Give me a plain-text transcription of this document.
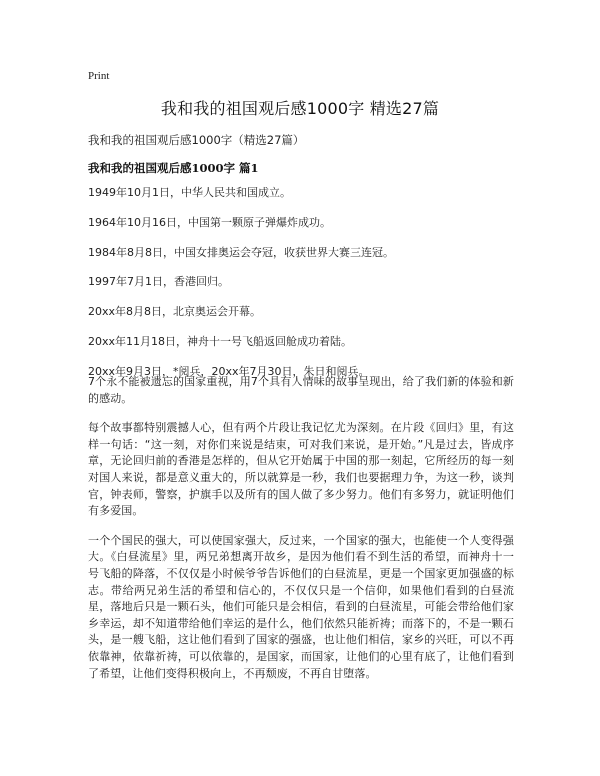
Print
我和我的祖国观后感1000字 精选27篇
我和我的祖国观后感1000字（精选27篇）
我和我的祖国观后感1000字 篇1
1949年10月1日，中华人民共和国成立。
1964年10月16日，中国第一颗原子弹爆炸成功。
1984年8月8日，中国女排奥运会夺冠，收获世界大赛三连冠。
1997年7月1日，香港回归。
20xx年8月8日，北京奥运会开幕。
20xx年11月18日，神舟十一号飞船返回舱成功着陆。
20xx年9月3日，*阅兵，20xx年7月30日，朱日和阅兵。

7个永不能被遗忘的国家重视，用7个具有人情味的故事呈现出，给了我们新的体验和新的感动。

每个故事都特别震撼人心，但有两个片段让我记忆尤为深刻。在片段《回归》里，有这样一句话：“这一刻，对你们来说是结束，可对我们来说，是开始。”凡是过去，皆成序章，无论回归前的香港是怎样的，但从它开始属于中国的那一刻起，它所经历的每一刻对国人来说，都是意义重大的，所以就算是一秒，我们也要据理力争，为这一秒，谈判官，钟表师，警察，护旗手以及所有的国人做了多少努力。他们有多努力，就证明他们有多爱国。

一个个国民的强大，可以使国家强大，反过来，一个国家的强大，也能使一个人变得强大。《白昼流星》里，两兄弟想离开故乡，是因为他们看不到生活的希望，而神舟十一号飞船的降落，不仅仅是小时候爷爷告诉他们的白昼流星，更是一个国家更加强盛的标志。带给两兄弟生活的希望和信心的，不仅仅只是一个信仰，如果他们看到的白昼流星，落地后只是一颗石头，他们可能只是会相信，看到的白昼流星，可能会带给他们家乡幸运，却不知道带给他们幸运的是什么，他们依然只能祈祷；而落下的，不是一颗石头，是一艘飞船，这让他们看到了国家的强盛，也让他们相信，家乡的兴旺，可以不再依靠神，依靠祈祷，可以依靠的，是国家，而国家，让他们的心里有底了，让他们看到了希望，让他们变得积极向上，不再颓废，不再自甘堕落。
